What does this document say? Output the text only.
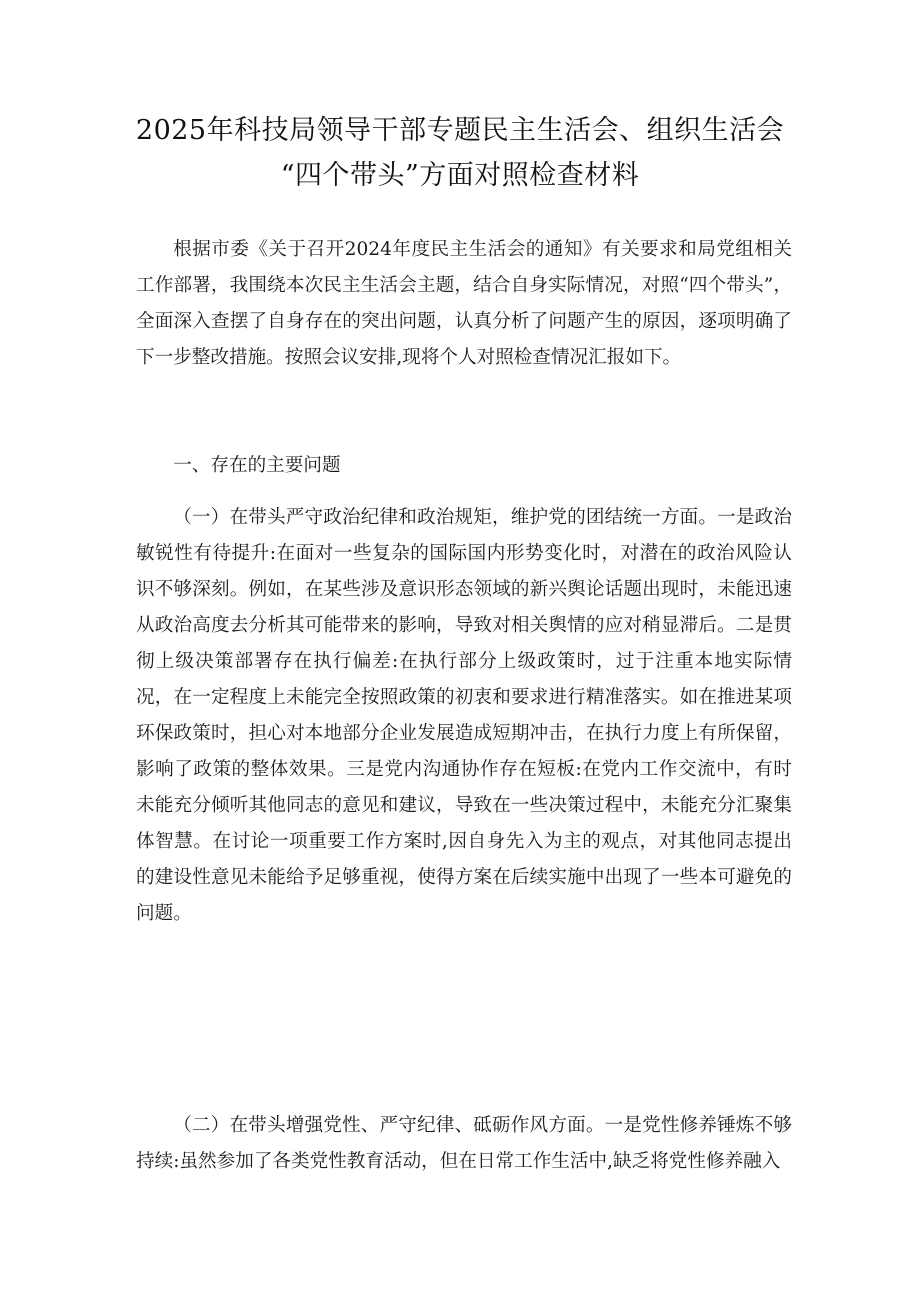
2025年科技局领导干部专题民主生活会、组织生活会
“四个带头”方面对照检查材料

根据市委《关于召开2024年度民主生活会的通知》有关要求和局党组相关工作部署，我围绕本次民主生活会主题，结合自身实际情况，对照“四个带头”，全面深入查摆了自身存在的突出问题，认真分析了问题产生的原因，逐项明确了下一步整改措施。按照会议安排,现将个人对照检查情况汇报如下。

一、存在的主要问题

（一）在带头严守政治纪律和政治规矩，维护党的团结统一方面。一是政治敏锐性有待提升:在面对一些复杂的国际国内形势变化时，对潜在的政治风险认识不够深刻。例如，在某些涉及意识形态领域的新兴舆论话题出现时，未能迅速从政治高度去分析其可能带来的影响，导致对相关舆情的应对稍显滞后。二是贯彻上级决策部署存在执行偏差:在执行部分上级政策时，过于注重本地实际情况，在一定程度上未能完全按照政策的初衷和要求进行精准落实。如在推进某项环保政策时，担心对本地部分企业发展造成短期冲击，在执行力度上有所保留，影响了政策的整体效果。三是党内沟通协作存在短板:在党内工作交流中，有时未能充分倾听其他同志的意见和建议，导致在一些决策过程中，未能充分汇聚集体智慧。在讨论一项重要工作方案时,因自身先入为主的观点，对其他同志提出的建设性意见未能给予足够重视，使得方案在后续实施中出现了一些本可避免的问题。

（二）在带头增强党性、严守纪律、砥砺作风方面。一是党性修养锤炼不够持续:虽然参加了各类党性教育活动，但在日常工作生活中,缺乏将党性修养融入
